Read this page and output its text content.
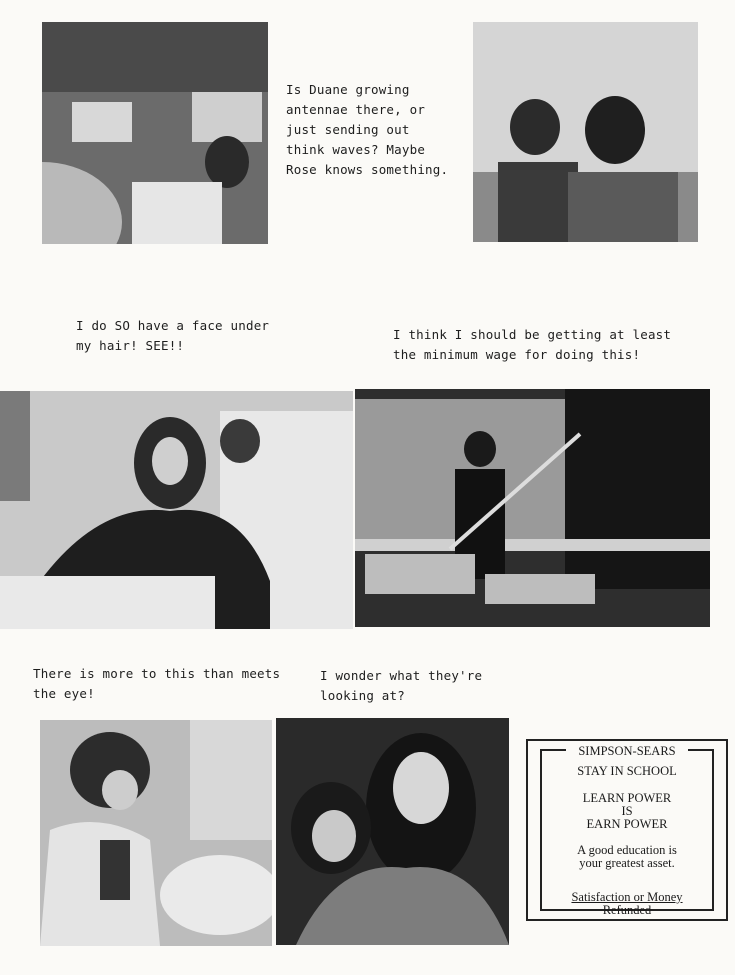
Is Duane growing
antennae there, or
just sending out
think waves? Maybe
Rose knows something.
I do SO have a face under
my hair! SEE!!
I think I should be getting at least
the minimum wage for doing this!
There is more to this than meets
the eye!
I wonder what they're
looking at?
SIMPSON-SEARS
STAY IN SCHOOL
LEARN POWER
IS
EARN POWER
A good education is
your greatest asset.
Satisfaction or Money
Refunded
